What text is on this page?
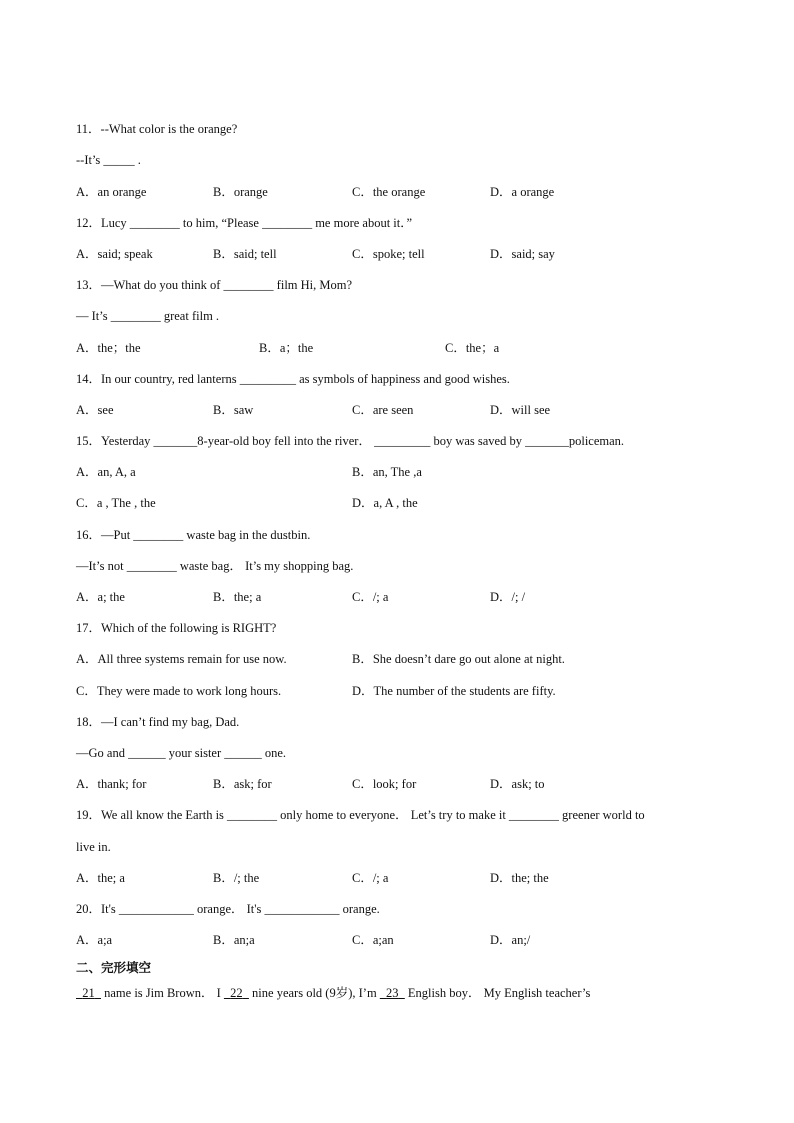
11．--What color is the orange?
--It’s _____ .
A．an orange	B．orange	C．the orange	D．a orange
12．Lucy ________ to him, “Please ________ me more about it．”
A．said; speak	B．said; tell	C．spoke; tell	D．said; say
13．—What do you think of ________ film Hi, Mom?
— It’s ________ great film .
A．the；the	B．a；the	C．the；a
14．In our country, red lanterns _________ as symbols of happiness and good wishes.
A．see	B．saw	C．are seen	D．will see
15．Yesterday _______8-year-old boy fell into the river． _________ boy was saved by _______policeman.
A．an, A, a	B．an, The ,a
C．a , The , the	D．a, A , the
16．—Put ________ waste bag in the dustbin.
—It’s not ________ waste bag． It’s my shopping bag.
A．a; the	B．the; a	C．/; a	D．/; /
17．Which of the following is RIGHT?
A．All three systems remain for use now.	B．She doesn’t dare go out alone at night.
C．They were made to work long hours.	D．The number of the students are fifty.
18．—I can’t find my bag, Dad.
—Go and ______ your sister ______ one.
A．thank; for	B．ask; for	C．look; for	D．ask; to
19．We all know the Earth is ________ only home to everyone． Let’s try to make it ________ greener world to
live in.
A．the; a	B．/; the	C．/; a	D．the; the
20．It's ____________ orange． It's ____________ orange.
A．a;a	B．an;a	C．a;an	D．an;/
二、完形填空
21   name is Jim Brown． I   22   nine years old (9岁), I’m   23   English boy． My English teacher’s
